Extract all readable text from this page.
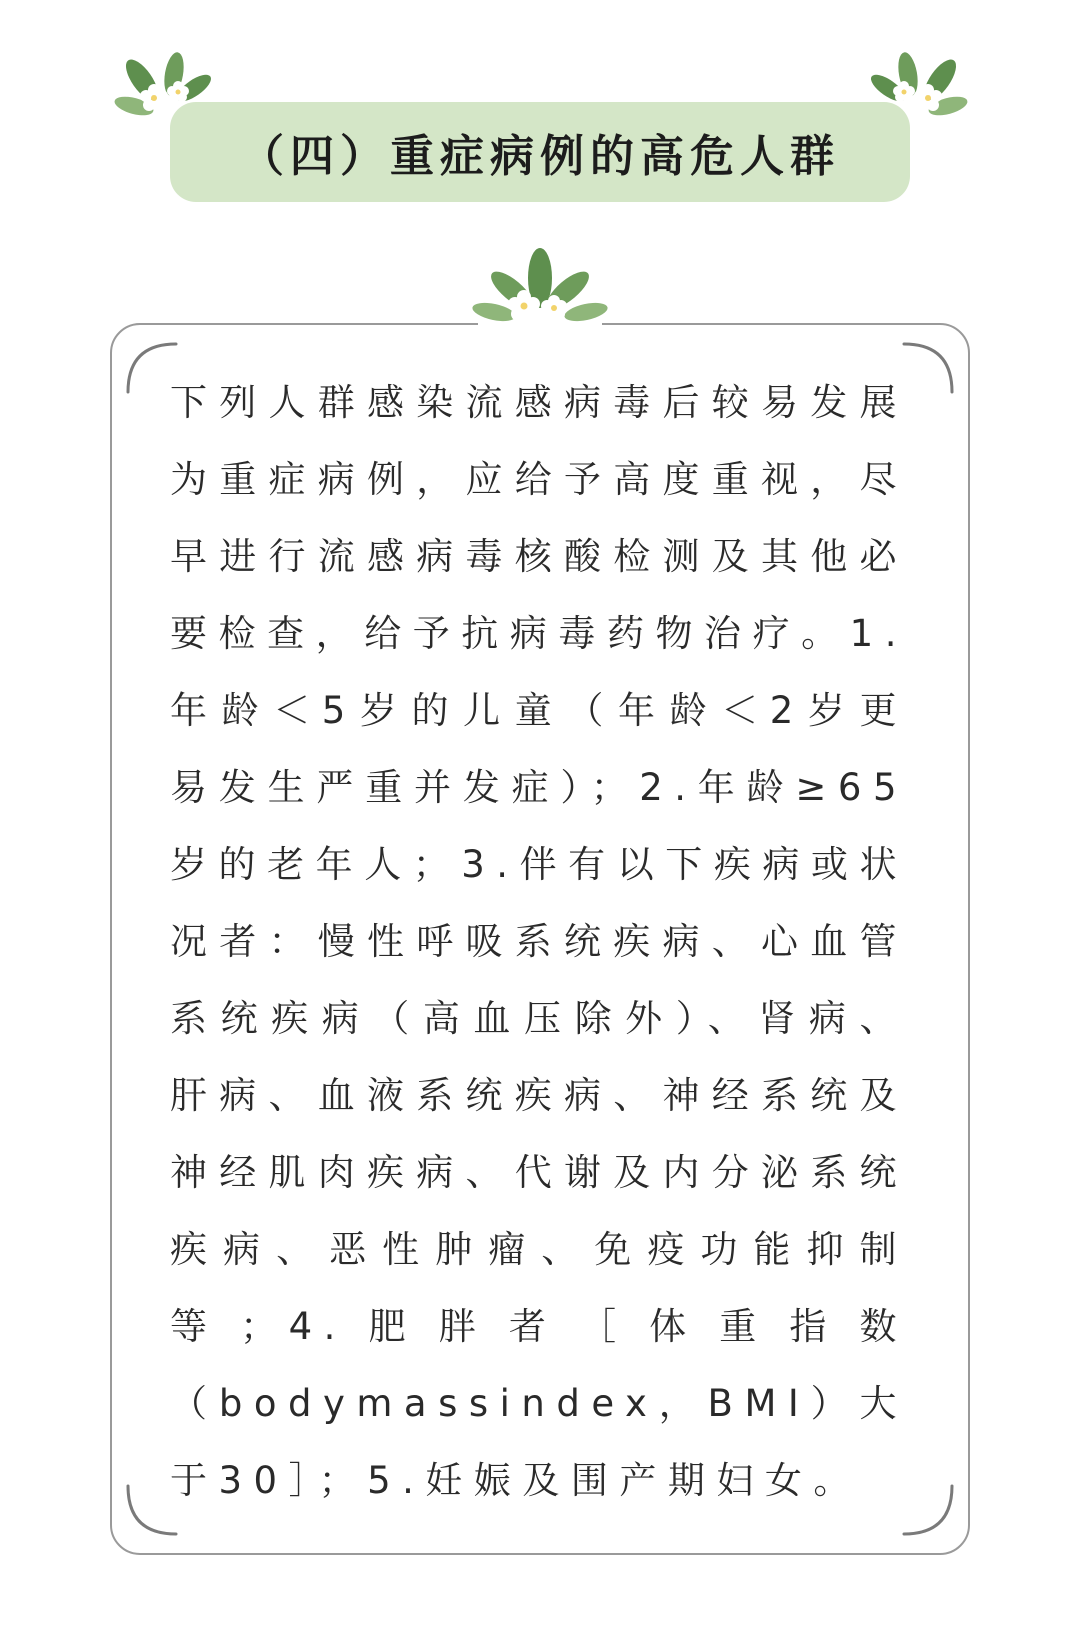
（四）重症病例的高危人群

下列人群感染流感病毒后较易发展为重症病例，应给予高度重视，尽早进行流感病毒核酸检测及其他必要检查，给予抗病毒药物治疗。1.年龄＜5岁的儿童（年龄＜2岁更易发生严重并发症）；2.年龄≥65岁的老年人；3.伴有以下疾病或状况者：慢性呼吸系统疾病、心血管系统疾病（高血压除外）、肾病、肝病、血液系统疾病、神经系统及神经肌肉疾病、代谢及内分泌系统疾病、恶性肿瘤、免疫功能抑制等；4.肥胖者［体重指数（bodymassindex，BMI）大于30］；5.妊娠及围产期妇女。
